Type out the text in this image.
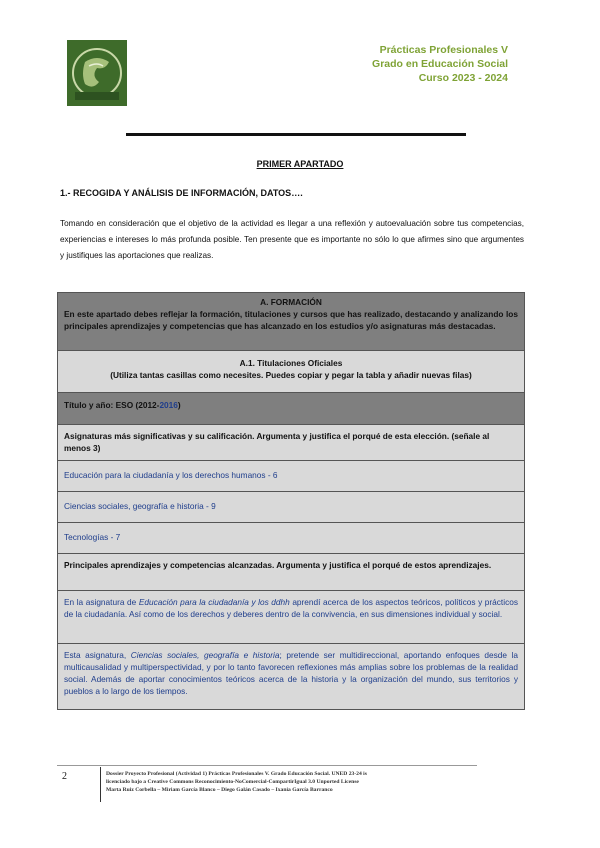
Prácticas Profesionales V
Grado en Educación Social
Curso 2023 - 2024
PRIMER APARTADO
1.- RECOGIDA Y ANÁLISIS DE INFORMACIÓN, DATOS….
Tomando en consideración que el objetivo de la actividad es llegar a una reflexión y autoevaluación sobre tus competencias, experiencias e intereses lo más profunda posible. Ten presente que es importante no sólo lo que afirmes sino que argumentes y justifiques las aportaciones que realizas.
A. FORMACIÓN
En este apartado debes reflejar la formación, titulaciones y cursos que has realizado, destacando y analizando los principales aprendizajes y competencias que has alcanzado en los estudios y/o asignaturas más destacadas.
A.1. Titulaciones Oficiales
(Utiliza tantas casillas como necesites. Puedes copiar y pegar la tabla y añadir nuevas filas)
Título y año: ESO (2012-2016)
Asignaturas más significativas y su calificación. Argumenta y justifica el porqué de esta elección. (señale al menos 3)
Educación para la ciudadanía y los derechos humanos - 6
Ciencias sociales, geografía e historia - 9
Tecnologías - 7
Principales aprendizajes y competencias alcanzadas. Argumenta y justifica el porqué de estos aprendizajes.
En la asignatura de Educación para la ciudadanía y los ddhh aprendí acerca de los aspectos teóricos, políticos y prácticos de la ciudadanía. Así como de los derechos y deberes dentro de la convivencia, en sus dimensiones individual y social.
Esta asignatura, Ciencias sociales, geografía e historia; pretende ser multidireccional, aportando enfoques desde la multicausalidad y multiperspectividad, y por lo tanto favorecen reflexiones más amplias sobre los problemas de la realidad social. Además de aportar conocimientos teóricos acerca de la historia y la organización del mundo, sus territorios y pueblos a lo largo de los tiempos.
2	Dossier Proyecto Profesional (Actividad 1) Prácticas Profesionales V. Grado Educación Social. UNED 23-24 is
licenciado bajo a Creative Commons Reconocimiento-NoComercial-CompartirIgual 3.0 Unported License
Marta Ruiz Corbella – Miriam García Blanco – Diego Galán Casado – Ixania García Barranco
